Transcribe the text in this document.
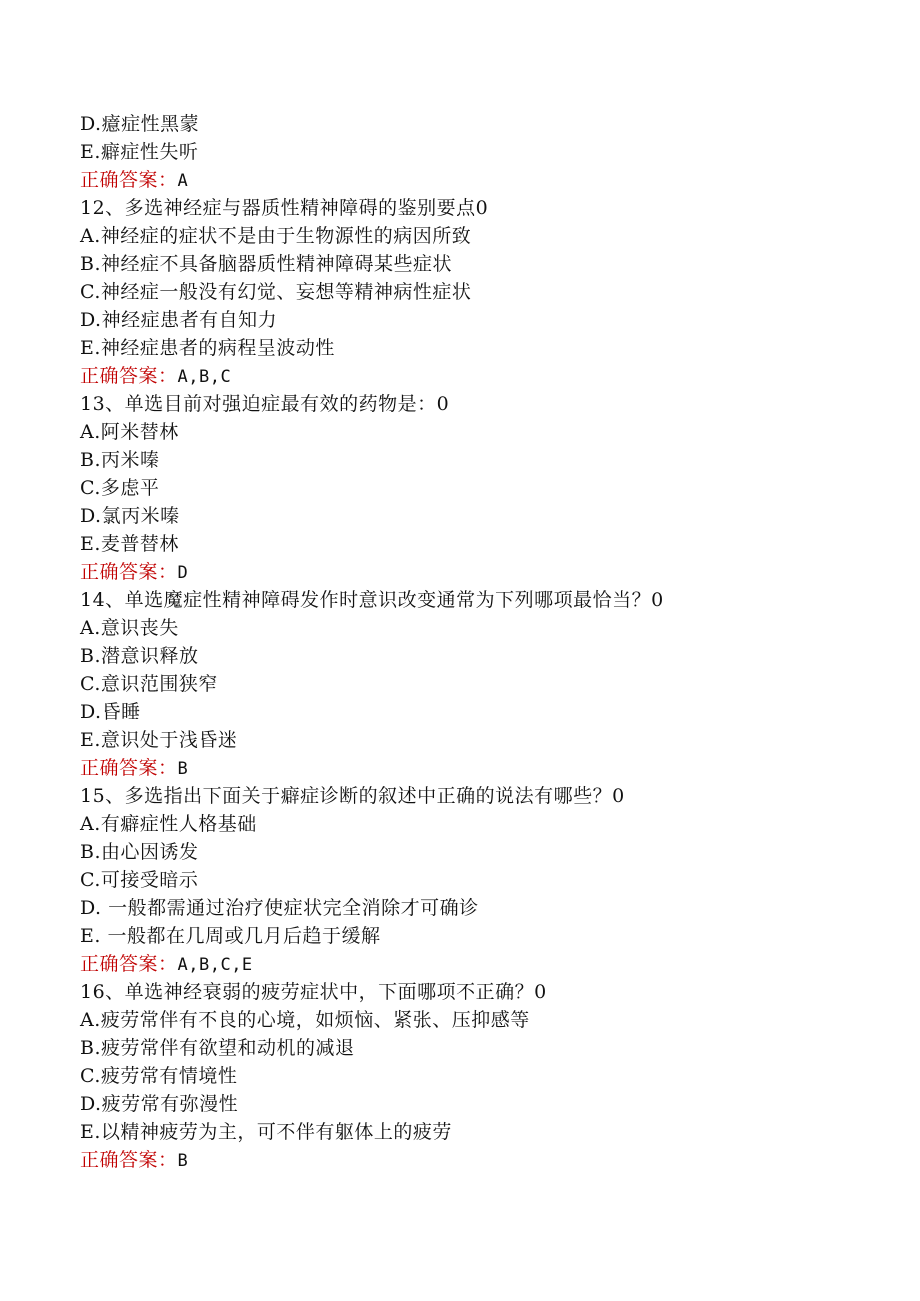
D.癔症性黑蒙
E.癖症性失听
正确答案：A
12、多选神经症与器质性精神障碍的鉴别要点0
A.神经症的症状不是由于生物源性的病因所致
B.神经症不具备脑器质性精神障碍某些症状
C.神经症一般没有幻觉、妄想等精神病性症状
D.神经症患者有自知力
E.神经症患者的病程呈波动性
正确答案：A,B,C
13、单选目前对强迫症最有效的药物是：0
A.阿米替林
B.丙米嗪
C.多虑平
D.氯丙米嗪
E.麦普替林
正确答案：D
14、单选魔症性精神障碍发作时意识改变通常为下列哪项最恰当？0
A.意识丧失
B.潜意识释放
C.意识范围狭窄
D.昏睡
E.意识处于浅昏迷
正确答案：B
15、多选指出下面关于癖症诊断的叙述中正确的说法有哪些？0
A.有癖症性人格基础
B.由心因诱发
C.可接受暗示
D. 一般都需通过治疗使症状完全消除才可确诊
E. 一般都在几周或几月后趋于缓解
正确答案：A,B,C,E
16、单选神经衰弱的疲劳症状中，下面哪项不正确？0
A.疲劳常伴有不良的心境，如烦恼、紧张、压抑感等
B.疲劳常伴有欲望和动机的减退
C.疲劳常有情境性
D.疲劳常有弥漫性
E.以精神疲劳为主，可不伴有躯体上的疲劳
正确答案：B
